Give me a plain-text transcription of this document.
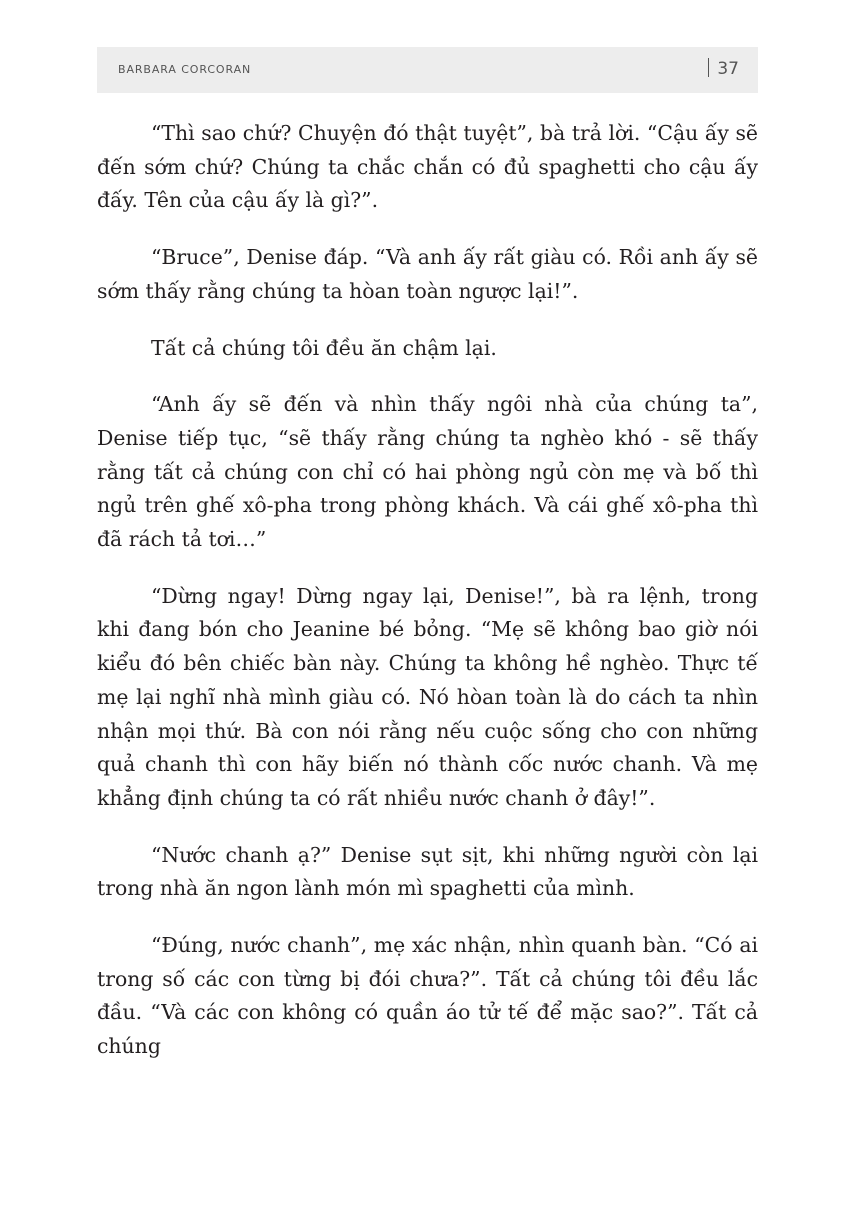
BARBARA CORCORAN	37

“Thì sao chứ? Chuyện đó thật tuyệt”, bà trả lời. “Cậu ấy sẽ đến sớm chứ? Chúng ta chắc chắn có đủ spaghetti cho cậu ấy đấy. Tên của cậu ấy là gì?”.

“Bruce”, Denise đáp. “Và anh ấy rất giàu có. Rồi anh ấy sẽ sớm thấy rằng chúng ta hòan toàn ngược lại!”.

Tất cả chúng tôi đều ăn chậm lại.

“Anh ấy sẽ đến và nhìn thấy ngôi nhà của chúng ta”, Denise tiếp tục, “sẽ thấy rằng chúng ta nghèo khó - sẽ thấy rằng tất cả chúng con chỉ có hai phòng ngủ còn mẹ và bố thì ngủ trên ghế xô-pha trong phòng khách. Và cái ghế xô-pha thì đã rách tả tơi…”

“Dừng ngay! Dừng ngay lại, Denise!”, bà ra lệnh, trong khi đang bón cho Jeanine bé bỏng. “Mẹ sẽ không bao giờ nói kiểu đó bên chiếc bàn này. Chúng ta không hề nghèo. Thực tế mẹ lại nghĩ nhà mình giàu có. Nó hòan toàn là do cách ta nhìn nhận mọi thứ. Bà con nói rằng nếu cuộc sống cho con những quả chanh thì con hãy biến nó thành cốc nước chanh. Và mẹ khẳng định chúng ta có rất nhiều nước chanh ở đây!”.

“Nước chanh ạ?” Denise sụt sịt, khi những người còn lại trong nhà ăn ngon lành món mì spaghetti của mình.

“Đúng, nước chanh”, mẹ xác nhận, nhìn quanh bàn. “Có ai trong số các con từng bị đói chưa?”. Tất cả chúng tôi đều lắc đầu. “Và các con không có quần áo tử tế để mặc sao?”. Tất cả chúng
